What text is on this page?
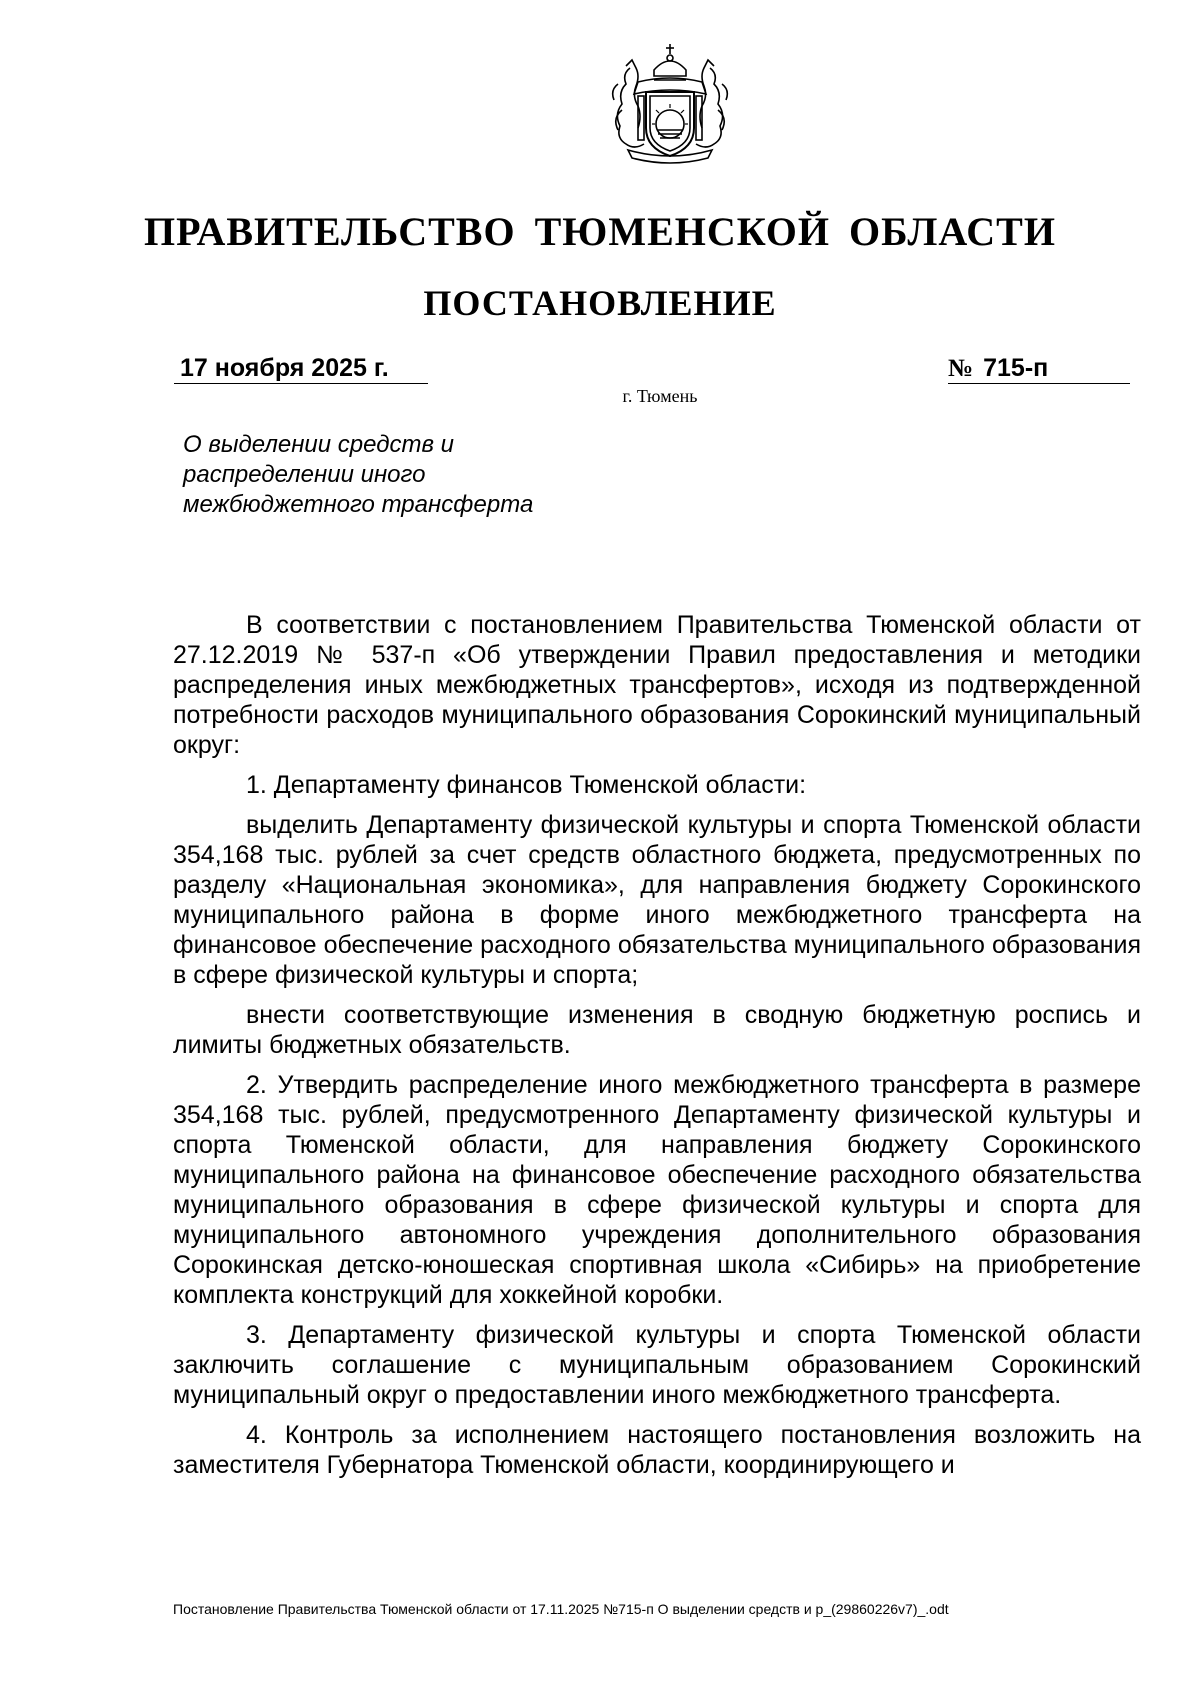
ПРАВИТЕЛЬСТВО ТЮМЕНСКОЙ ОБЛАСТИ
ПОСТАНОВЛЕНИЕ
17 ноября 2025 г.	№ 715-п
г. Тюмень
О выделении средств и
распределении иного
межбюджетного трансферта

В соответствии с постановлением Правительства Тюменской области от 27.12.2019 № 537-п «Об утверждении Правил предоставления и методики распределения иных межбюджетных трансфертов», исходя из подтвержденной потребности расходов муниципального образования Сорокинский муниципальный округ:

1. Департаменту финансов Тюменской области:

выделить Департаменту физической культуры и спорта Тюменской области 354,168 тыс. рублей за счет средств областного бюджета, предусмотренных по разделу «Национальная экономика», для направления бюджету Сорокинского муниципального района в форме иного межбюджетного трансферта на финансовое обеспечение расходного обязательства муниципального образования в сфере физической культуры и спорта;

внести соответствующие изменения в сводную бюджетную роспись и лимиты бюджетных обязательств.

2. Утвердить распределение иного межбюджетного трансферта в размере 354,168 тыс. рублей, предусмотренного Департаменту физической культуры и спорта Тюменской области, для направления бюджету Сорокинского муниципального района на финансовое обеспечение расходного обязательства муниципального образования в сфере физической культуры и спорта для муниципального автономного учреждения дополнительного образования Сорокинская детско-юношеская спортивная школа «Сибирь» на приобретение комплекта конструкций для хоккейной коробки.

3. Департаменту физической культуры и спорта Тюменской области заключить соглашение с муниципальным образованием Сорокинский муниципальный округ о предоставлении иного межбюджетного трансферта.

4. Контроль за исполнением настоящего постановления возложить на заместителя Губернатора Тюменской области, координирующего и

Постановление Правительства Тюменской области от 17.11.2025 №715-п О выделении средств и р_(29860226v7)_.odt
